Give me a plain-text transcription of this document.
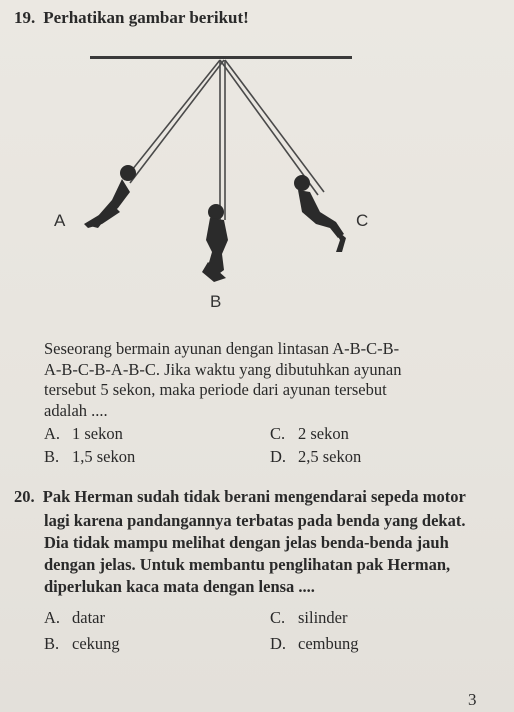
19. Perhatikan gambar berikut!
A
B
C
Seseorang bermain ayunan dengan lintasan A-B-C-B-
A-B-C-B-A-B-C. Jika waktu yang dibutuhkan ayunan
tersebut 5 sekon, maka periode dari ayunan tersebut
adalah ....
A. 1 sekon	C. 2 sekon
B. 1,5 sekon	D. 2,5 sekon
20. Pak Herman sudah tidak berani mengendarai sepeda motor
lagi karena pandangannya terbatas pada benda yang dekat.
Dia tidak mampu melihat dengan jelas benda-benda jauh
dengan jelas. Untuk membantu penglihatan pak Herman,
diperlukan kaca mata dengan lensa ....
A. datar	C. silinder
B. cekung	D. cembung
3
